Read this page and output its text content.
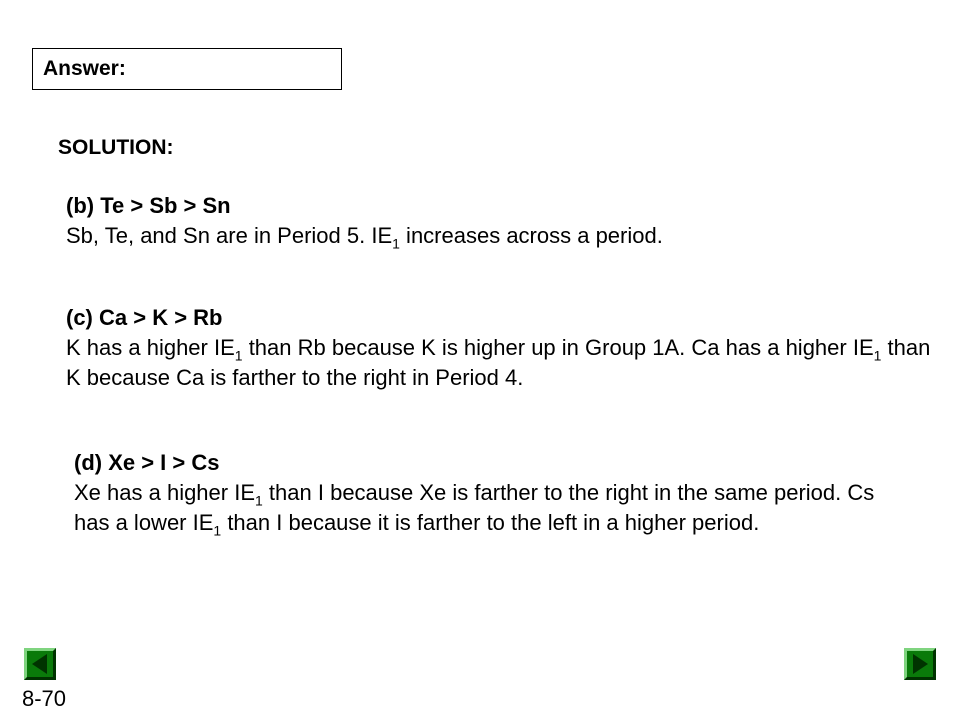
Answer:
SOLUTION:
(b) Te > Sb > Sn
Sb, Te, and Sn are in Period 5. $IE_1$ increases across a period.
(c) Ca > K > Rb
K has a higher $IE_1$ than Rb because K is higher up in Group 1A. Ca has a higher $IE_1$ than K because Ca is farther to the right in Period 4.
(d) Xe > I > Cs
Xe has a higher $IE_1$ than I because Xe is farther to the right in the same period. Cs has a lower $IE_1$ than I because it is farther to the left in a higher period.
8-70
